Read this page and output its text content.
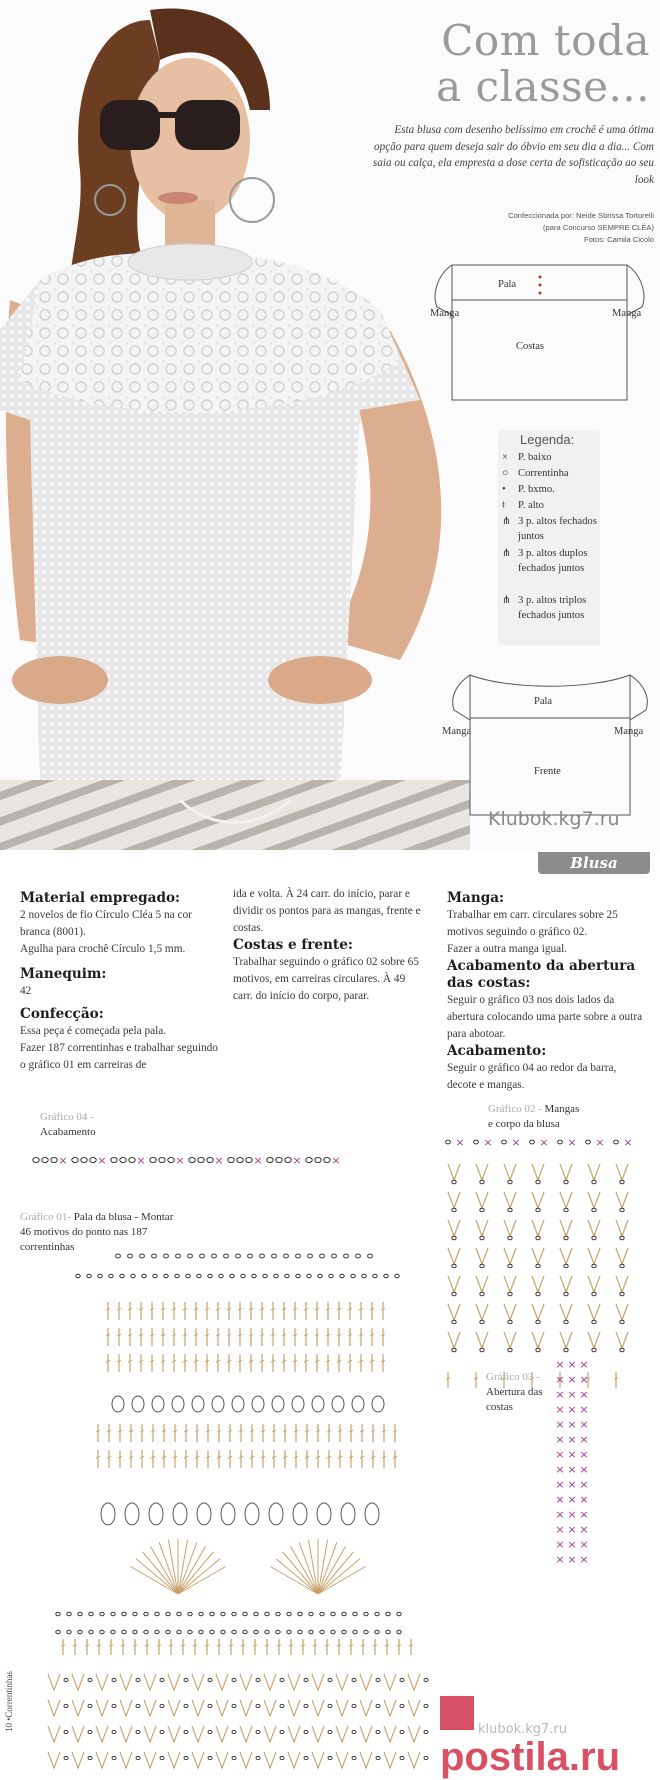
Com toda
a classe...
Esta blusa com desenho belíssimo em crochê é uma ótima opção para quem deseja sair do óbvio em seu dia a dia... Com saia ou calça, ela empresta a dose certa de sofisticação ao seu look
Confeccionada por: Neide Sbrissa Tortorelli
(para Concurso SEMPRE CLÉA)
Fotos: Camila Cicolo
Pala
Manga	Manga
Costas
Legenda:
× P. baixo
○ Correntinha
•	P. bxmo.
ǂ	P. alto
⋔ 3 p. altos fechados juntos
⋔ 3 p. altos duplos fechados juntos
⋔ 3 p. altos triplos fechados juntos
Pala
Manga	Manga
Frente
Klubok.kg7.ru
Blusa
×	×	×	×	×	×	×	×
× × × × × × ×
× × ×
× × ×
× × ×
× × ×
× × ×
× × ×
× × ×
× × ×
× × ×
× × ×
× × ×
× × ×
× × ×
× × ×
Material empregado:

2 novelos de fio Círculo Cléa 5 na cor branca (8001).

Agulha para crochê Círculo 1,5 mm.

Manequim:

42

Confecção:

Essa peça é começada pela pala.

Fazer 187 correntinhas e trabalhar seguindo o gráfico 01 em carreiras de

ida e volta. À 24 carr. do início, parar e dividir os pontos para as mangas, frente e costas.

Costas e frente:

Trabalhar seguindo o gráfico 02 sobre 65 motivos, em carreiras circulares. À 49 carr. do início do corpo, parar.

Manga:

Trabalhar em carr. circulares sobre 25 motivos seguindo o gráfico 02.

Fazer a outra manga igual.

Acabamento da abertura das costas:

Seguir o gráfico 03 nos dois lados da abertura colocando uma parte sobre a outra para abotoar.

Acabamento:

Seguir o gráfico 04 ao redor da barra, decote e mangas.

Gráfico 04 -
Acabamento
Gráfico 02 - Mangas
e corpo da blusa
Gráfico 03 -
Abertura das
costas
Gráfico 01- Pala da blusa - Montar
46 motivos do ponto nas 187
correntinhas
10 •Correntinhas	klubok.kg7.ru
postila.ru
